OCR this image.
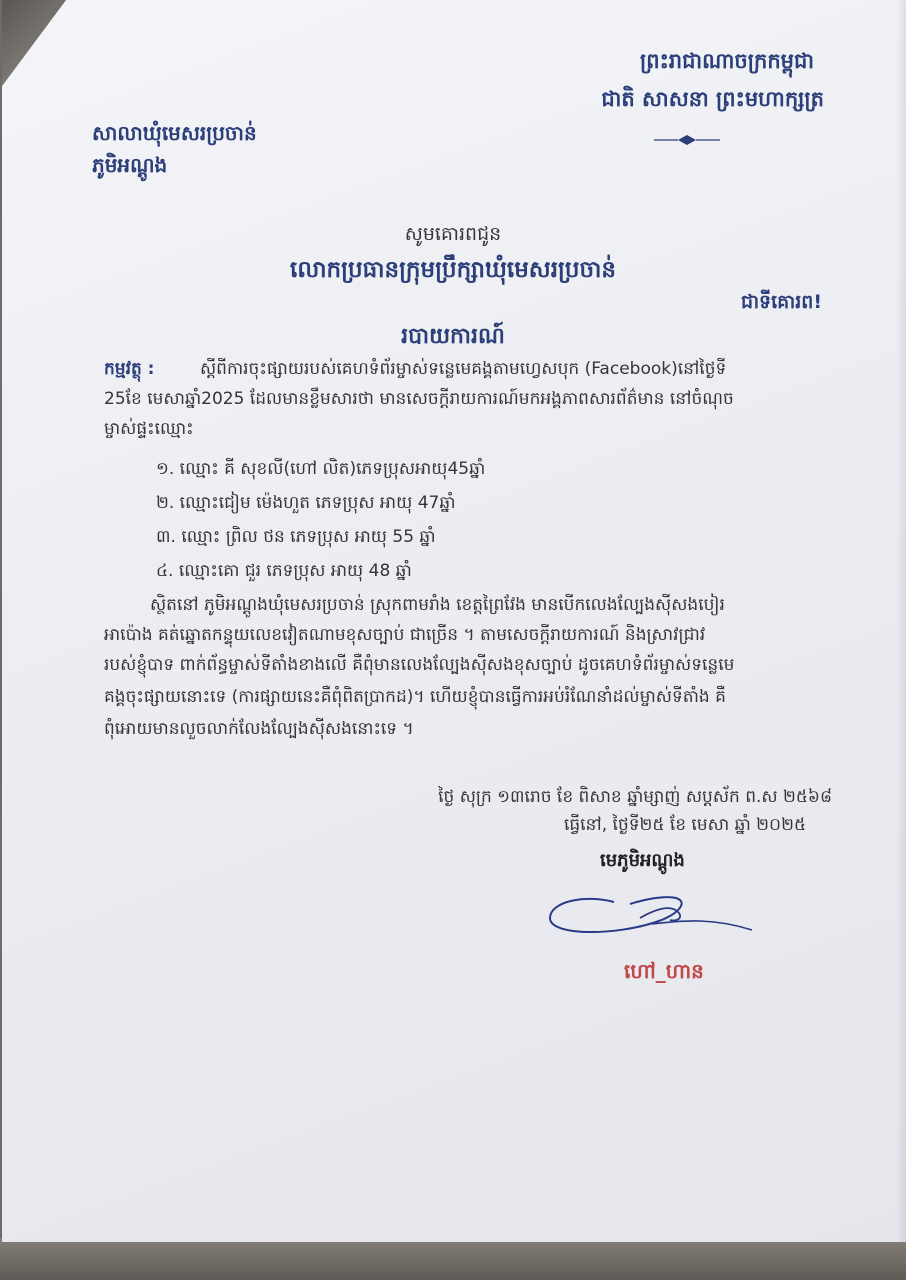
ព្រះរាជាណាចក្រកម្ពុជា
ជាតិ សាសនា ព្រះមហាក្សត្រ
សាលាឃុំមេសរប្រចាន់
ភូមិអណ្ដូង
សូមគោរពជូន
លោកប្រធានក្រុមប្រឹក្សាឃុំមេសរប្រចាន់
ជាទីគោរព!
របាយការណ៍
កម្មវត្ថុ :	ស្ដីពីការចុះផ្សាយរបស់គេហទំព័រម្ចាស់ទន្លេមេគង្គតាមហ្វេសបុក (Facebook)នៅថ្ងៃទី
25ខែ មេសាឆ្នាំ2025 ដែលមានខ្លឹមសារថា មានសេចក្ដីរាយការណ៍មកអង្គភាពសារព័ត៌មាន នៅចំណុច
ម្ចាស់ផ្ទះឈ្មោះ
១. ឈ្មោះ គី សុខលី(ហៅ លិត)ភេទប្រុសអាយុ45ឆ្នាំ
២. ឈ្មោះជៀម ម៉េងហួត ភេទប្រុស អាយុ 47ឆ្នាំ
៣. ឈ្មោះ ព្រិល ថន ភេទប្រុស អាយុ 55 ឆ្នាំ
៤. ឈ្មោះគោ ជួរ ភេទប្រុស អាយុ 48 ឆ្នាំ
ស្ថិតនៅ ភូមិអណ្ដូងឃុំមេសរប្រចាន់ ស្រុកពាមរាំង ខេត្តព្រៃវែង មានបើកលេងល្បែងស៊ីសងបៀរ
អាប៉ោង គត់ឆ្នោតកន្ទុយលេខវៀតណាមខុសច្បាប់ ជាច្រើន ។ តាមសេចក្ដីរាយការណ៍ និងស្រាវជ្រាវ
របស់ខ្ញុំបាទ ពាក់ព័ន្ធម្ចាស់ទីតាំងខាងលើ គឺពុំមានលេងល្បែងស៊ីសងខុសច្បាប់ ដូចគេហទំព័រម្ចាស់ទន្លេមេ
គង្គចុះផ្សាយនោះទេ (ការផ្សាយនេះគឺពុំពិតប្រាកដ)។ ហើយខ្ញុំបានធ្វើការអប់រំណែនាំដល់ម្ចាស់ទីតាំង គឺ
ពុំអោយមានលួចលាក់លែងល្បែងស៊ីសងនោះទេ ។
ថ្ងៃ សុក្រ ១៣រោច ខែ ពិសាខ ឆ្នាំម្សាញ់ សប្ដស័ក ព.ស ២៥៦៨
ធ្វើនៅ, ថ្ងៃទី២៥ ខែ មេសា ឆ្នាំ ២០២៥
មេភូមិអណ្ដូង
ហៅ_ហាន
